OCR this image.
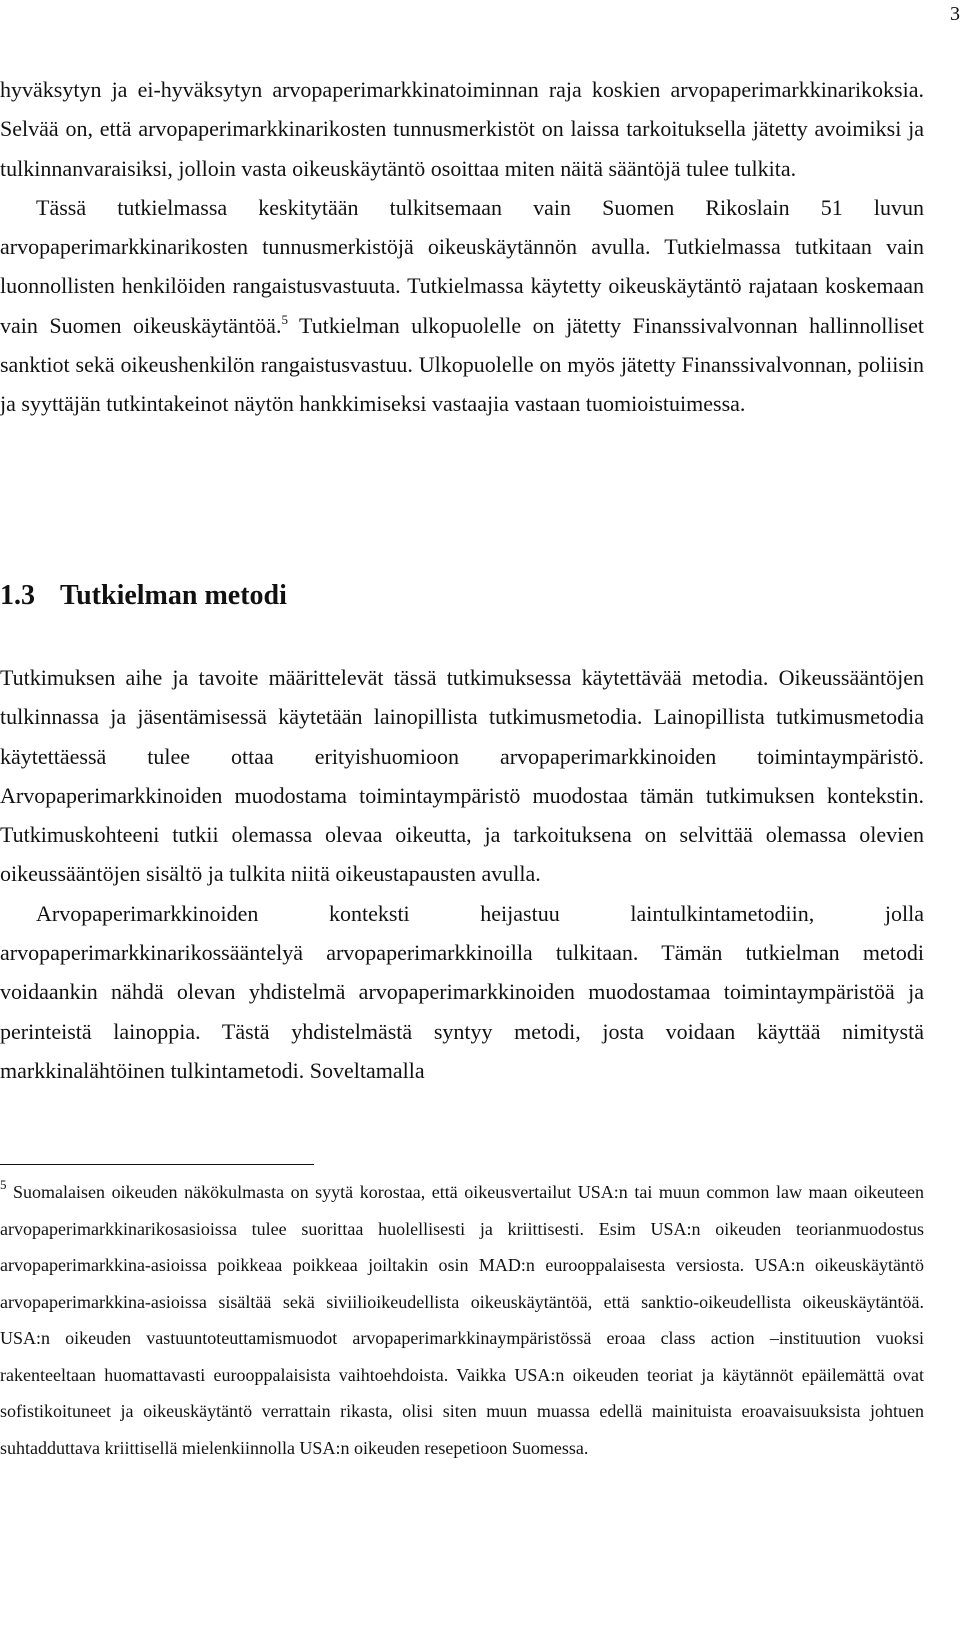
3

hyväksytyn ja ei-hyväksytyn arvopaperimarkkinatoiminnan raja koskien arvopaperimarkkinarikoksia. Selvää on, että arvopaperimarkkinarikosten tunnusmerkistöt on laissa tarkoituksella jätetty avoimiksi ja tulkinnanvaraisiksi, jolloin vasta oikeuskäytäntö osoittaa miten näitä sääntöjä tulee tulkita.

Tässä tutkielmassa keskitytään tulkitsemaan vain Suomen Rikoslain 51 luvun arvopaperimarkkinarikosten tunnusmerkistöjä oikeuskäytännön avulla. Tutkielmassa tutkitaan vain luonnollisten henkilöiden rangaistusvastuuta. Tutkielmassa käytetty oikeuskäytäntö rajataan koskemaan vain Suomen oikeuskäytäntöä.$^5$ Tutkielman ulkopuolelle on jätetty Finanssivalvonnan hallinnolliset sanktiot sekä oikeushenkilön rangaistusvastuu. Ulkopuolelle on myös jätetty Finanssivalvonnan, poliisin ja syyttäjän tutkintakeinot näytön hankkimiseksi vastaajia vastaan tuomioistuimessa.

1.3 Tutkielman metodi

Tutkimuksen aihe ja tavoite määrittelevät tässä tutkimuksessa käytettävää metodia. Oikeussääntöjen tulkinnassa ja jäsentämisessä käytetään lainopillista tutkimusmetodia. Lainopillista tutkimusmetodia käytettäessä tulee ottaa erityishuomioon arvopaperimarkkinoiden toimintaympäristö. Arvopaperimarkkinoiden muodostama toimintaympäristö muodostaa tämän tutkimuksen kontekstin. Tutkimuskohteeni tutkii olemassa olevaa oikeutta, ja tarkoituksena on selvittää olemassa olevien oikeussääntöjen sisältö ja tulkita niitä oikeustapausten avulla.

Arvopaperimarkkinoiden konteksti heijastuu laintulkintametodiin, jolla arvopaperimarkkinarikossääntelyä arvopaperimarkkinoilla tulkitaan. Tämän tutkielman metodi voidaankin nähdä olevan yhdistelmä arvopaperimarkkinoiden muodostamaa toimintaympäristöä ja perinteistä lainoppia. Tästä yhdistelmästä syntyy metodi, josta voidaan käyttää nimitystä markkinalähtöinen tulkintametodi. Soveltamalla

$^5$ Suomalaisen oikeuden näkökulmasta on syytä korostaa, että oikeusvertailut USA:n tai muun common law maan oikeuteen arvopaperimarkkinarikosasioissa tulee suorittaa huolellisesti ja kriittisesti. Esim USA:n oikeuden teorianmuodostus arvopaperimarkkina-asioissa poikkeaa poikkeaa joiltakin osin MAD:n eurooppalaisesta versiosta. USA:n oikeuskäytäntö arvopaperimarkkina-asioissa sisältää sekä siviilioikeudellista oikeuskäytäntöä, että sanktio-oikeudellista oikeuskäytäntöä. USA:n oikeuden vastuuntoteuttamismuodot arvopaperimarkkinaympäristössä eroaa class action –instituution vuoksi rakenteeltaan huomattavasti eurooppalaisista vaihtoehdoista. Vaikka USA:n oikeuden teoriat ja käytännöt epäilemättä ovat sofistikoituneet ja oikeuskäytäntö verrattain rikasta, olisi siten muun muassa edellä mainituista eroavaisuuksista johtuen suhtadduttava kriittisellä mielenkiinnolla USA:n oikeuden resepetioon Suomessa.
